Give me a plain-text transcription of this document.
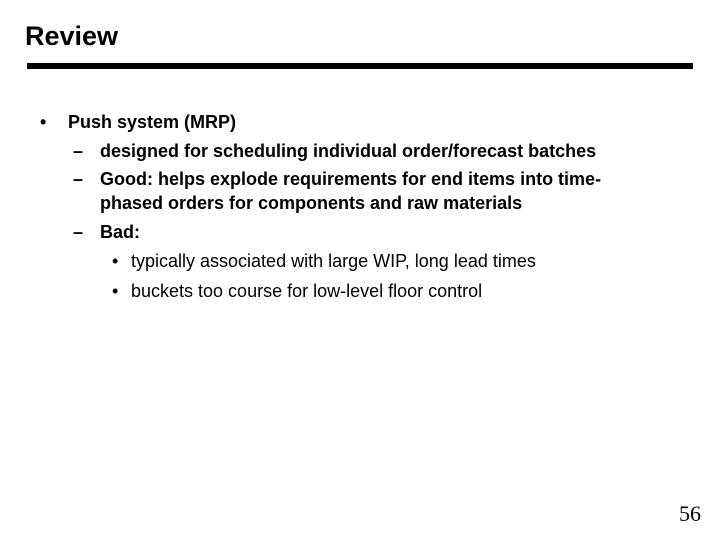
Review
• Push system (MRP)
– designed for scheduling individual order/forecast batches
– Good: helps explode requirements for end items into time-
phased orders for components and raw materials
– Bad:
• typically associated with large WIP, long lead times
• buckets too course for low-level floor control
56
